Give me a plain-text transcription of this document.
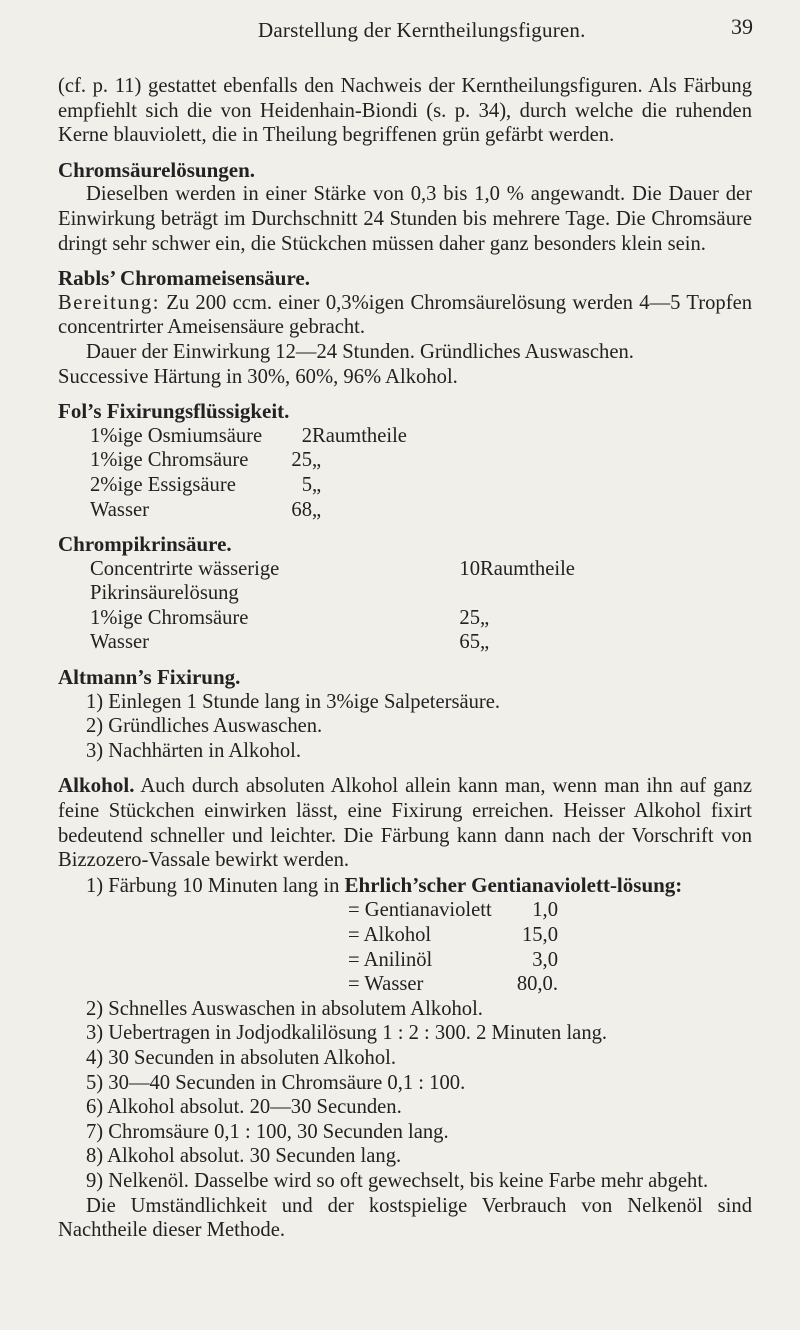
Darstellung der Kerntheilungsfiguren.	39

(cf. p. 11) gestattet ebenfalls den Nachweis der Kerntheilungsfiguren. Als Färbung empfiehlt sich die von Heidenhain-Biondi (s. p. 34), durch welche die ruhenden Kerne blauviolett, die in Theilung begriffenen grün gefärbt werden.

Chromsäurelösungen.

Dieselben werden in einer Stärke von 0,3 bis 1,0 % angewandt. Die Dauer der Einwirkung beträgt im Durchschnitt 24 Stunden bis mehrere Tage. Die Chromsäure dringt sehr schwer ein, die Stückchen müssen daher ganz besonders klein sein.

Rabls’ Chromameisensäure.

Bereitung: Zu 200 ccm. einer 0,3%igen Chromsäurelösung werden 4—5 Tropfen concentrirter Ameisensäure gebracht.

Dauer der Einwirkung 12—24 Stunden. Gründliches Auswaschen.

Successive Härtung in 30%, 60%, 96% Alkohol.

Fol’s Fixirungsflüssigkeit.

1%ige Osmiumsäure	2	Raumtheile
1%ige Chromsäure	25	„
2%ige Essigsäure	5	„
Wasser	68	„

Chrompikrinsäure.

Concentrirte wässerige Pikrinsäurelösung	10	Raumtheile
1%ige Chromsäure	25	„
Wasser	65	„

Altmann’s Fixirung.

1) Einlegen 1 Stunde lang in 3%ige Salpetersäure.
2) Gründliches Auswaschen.
3) Nachhärten in Alkohol.

Alkohol. Auch durch absoluten Alkohol allein kann man, wenn man ihn auf ganz feine Stückchen einwirken lässt, eine Fixirung erreichen. Heisser Alkohol fixirt bedeutend schneller und leichter. Die Färbung kann dann nach der Vorschrift von Bizzozero-Vassale bewirkt werden.

1) Färbung 10 Minuten lang in Ehrlich’scher Gentianaviolett-lösung:
= Gentianaviolett	1,0
= Alkohol	15,0
= Anilinöl	3,0
= Wasser	80,0.
2) Schnelles Auswaschen in absolutem Alkohol.
3) Uebertragen in Jodjodkalilösung 1 : 2 : 300. 2 Minuten lang.
4) 30 Secunden in absoluten Alkohol.
5) 30—40 Secunden in Chromsäure 0,1 : 100.
6) Alkohol absolut. 20—30 Secunden.
7) Chromsäure 0,1 : 100, 30 Secunden lang.
8) Alkohol absolut. 30 Secunden lang.
9) Nelkenöl. Dasselbe wird so oft gewechselt, bis keine Farbe mehr abgeht.

Die Umständlichkeit und der kostspielige Verbrauch von Nelkenöl sind Nachtheile dieser Methode.
